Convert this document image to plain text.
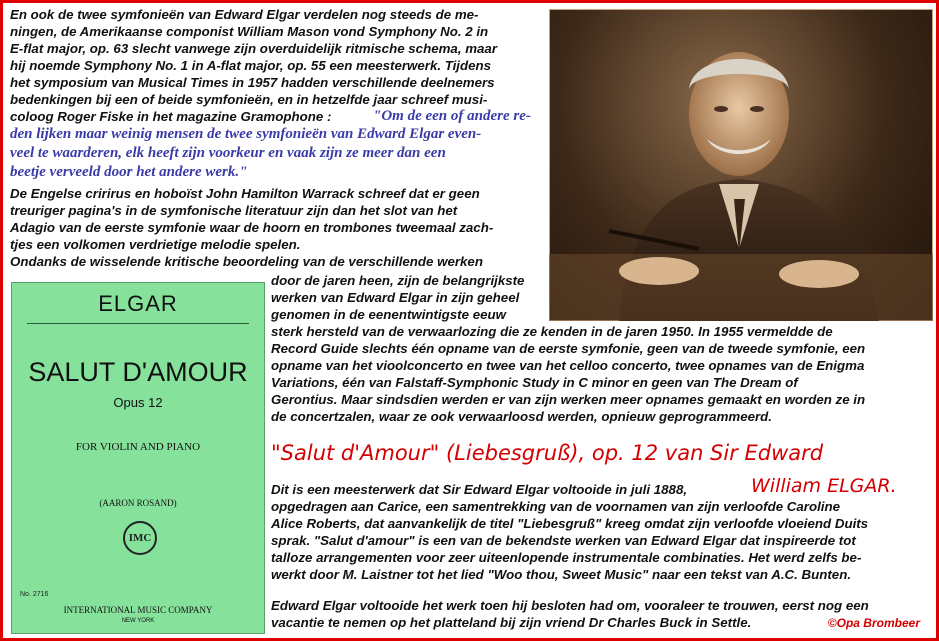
En ook de twee symfonieën van Edward Elgar verdelen nog steeds de me-
ningen, de Amerikaanse componist William Mason vond Symphony No. 2 in
E-flat major, op. 63 slecht vanwege zijn overduidelijk ritmische schema, maar
hij noemde Symphony No. 1 in A-flat major, op. 55 een meesterwerk. Tijdens
het symposium van Musical Times in 1957 hadden verschillende deelnemers
bedenkingen bij een of beide symfonieën, en in hetzelfde jaar schreef musi-
coloog Roger Fiske in het magazine Gramophone :	"Om de een of andere re-
den lijken maar weinig mensen de twee symfonieën van Edward Elgar even-
veel te waarderen, elk heeft zijn voorkeur en vaak zijn ze meer dan een
beetje verveeld door het andere werk."
De Engelse cririrus en hoboïst John Hamilton Warrack schreef dat er geen
treuriger pagina's in de symfonische literatuur zijn dan het slot van het
Adagio van de eerste symfonie waar de hoorn en trombones tweemaal zach-
tjes een volkomen verdrietige melodie spelen.
Ondanks de wisselende kritische beoordeling van de verschillende werken
door de jaren heen, zijn de belangrijkste
werken van Edward Elgar in zijn geheel
genomen in de eenentwintigste eeuw
sterk hersteld van de verwaarlozing die ze kenden in de jaren 1950. In 1955 vermeldde de
Record Guide slechts één opname van de eerste symfonie, geen van de tweede symfonie, een
opname van het vioolconcerto en twee van het celloo concerto, twee opnames van de Enigma
Variations, één van Falstaff-Symphonic Study in C minor en geen van The Dream of
Gerontius. Maar sindsdien werden er van zijn werken meer opnames gemaakt en worden ze in
de concertzalen, waar ze ook verwaarloosd werden, opnieuw geprogrammeerd.
ELGAR
SALUT D'AMOUR
Opus 12
FOR VIOLIN AND PIANO
(AARON ROSAND)
IMC
No. 2716
INTERNATIONAL MUSIC COMPANY
NEW YORK
"Salut d'Amour" (Liebesgruß), op. 12 van Sir Edward
William ELGAR.
Dit is een meesterwerk dat Sir Edward Elgar voltooide in juli 1888,
opgedragen aan Carice, een samentrekking van de voornamen van zijn verloofde Caroline
Alice Roberts, dat aanvankelijk de titel "Liebesgruß" kreeg omdat zijn verloofde vloeiend Duits
sprak. "Salut d'amour" is een van de bekendste werken van Edward Elgar dat inspireerde tot
talloze arrangementen voor zeer uiteenlopende instrumentale combinaties. Het werd zelfs be-
werkt door M. Laistner tot het lied "Woo thou, Sweet Music" naar een tekst van A.C. Bunten.
Edward Elgar voltooide het werk toen hij besloten had om, vooraleer te trouwen, eerst nog een
vacantie te nemen op het platteland bij zijn vriend Dr Charles Buck in Settle.	©Opa Brombeer
